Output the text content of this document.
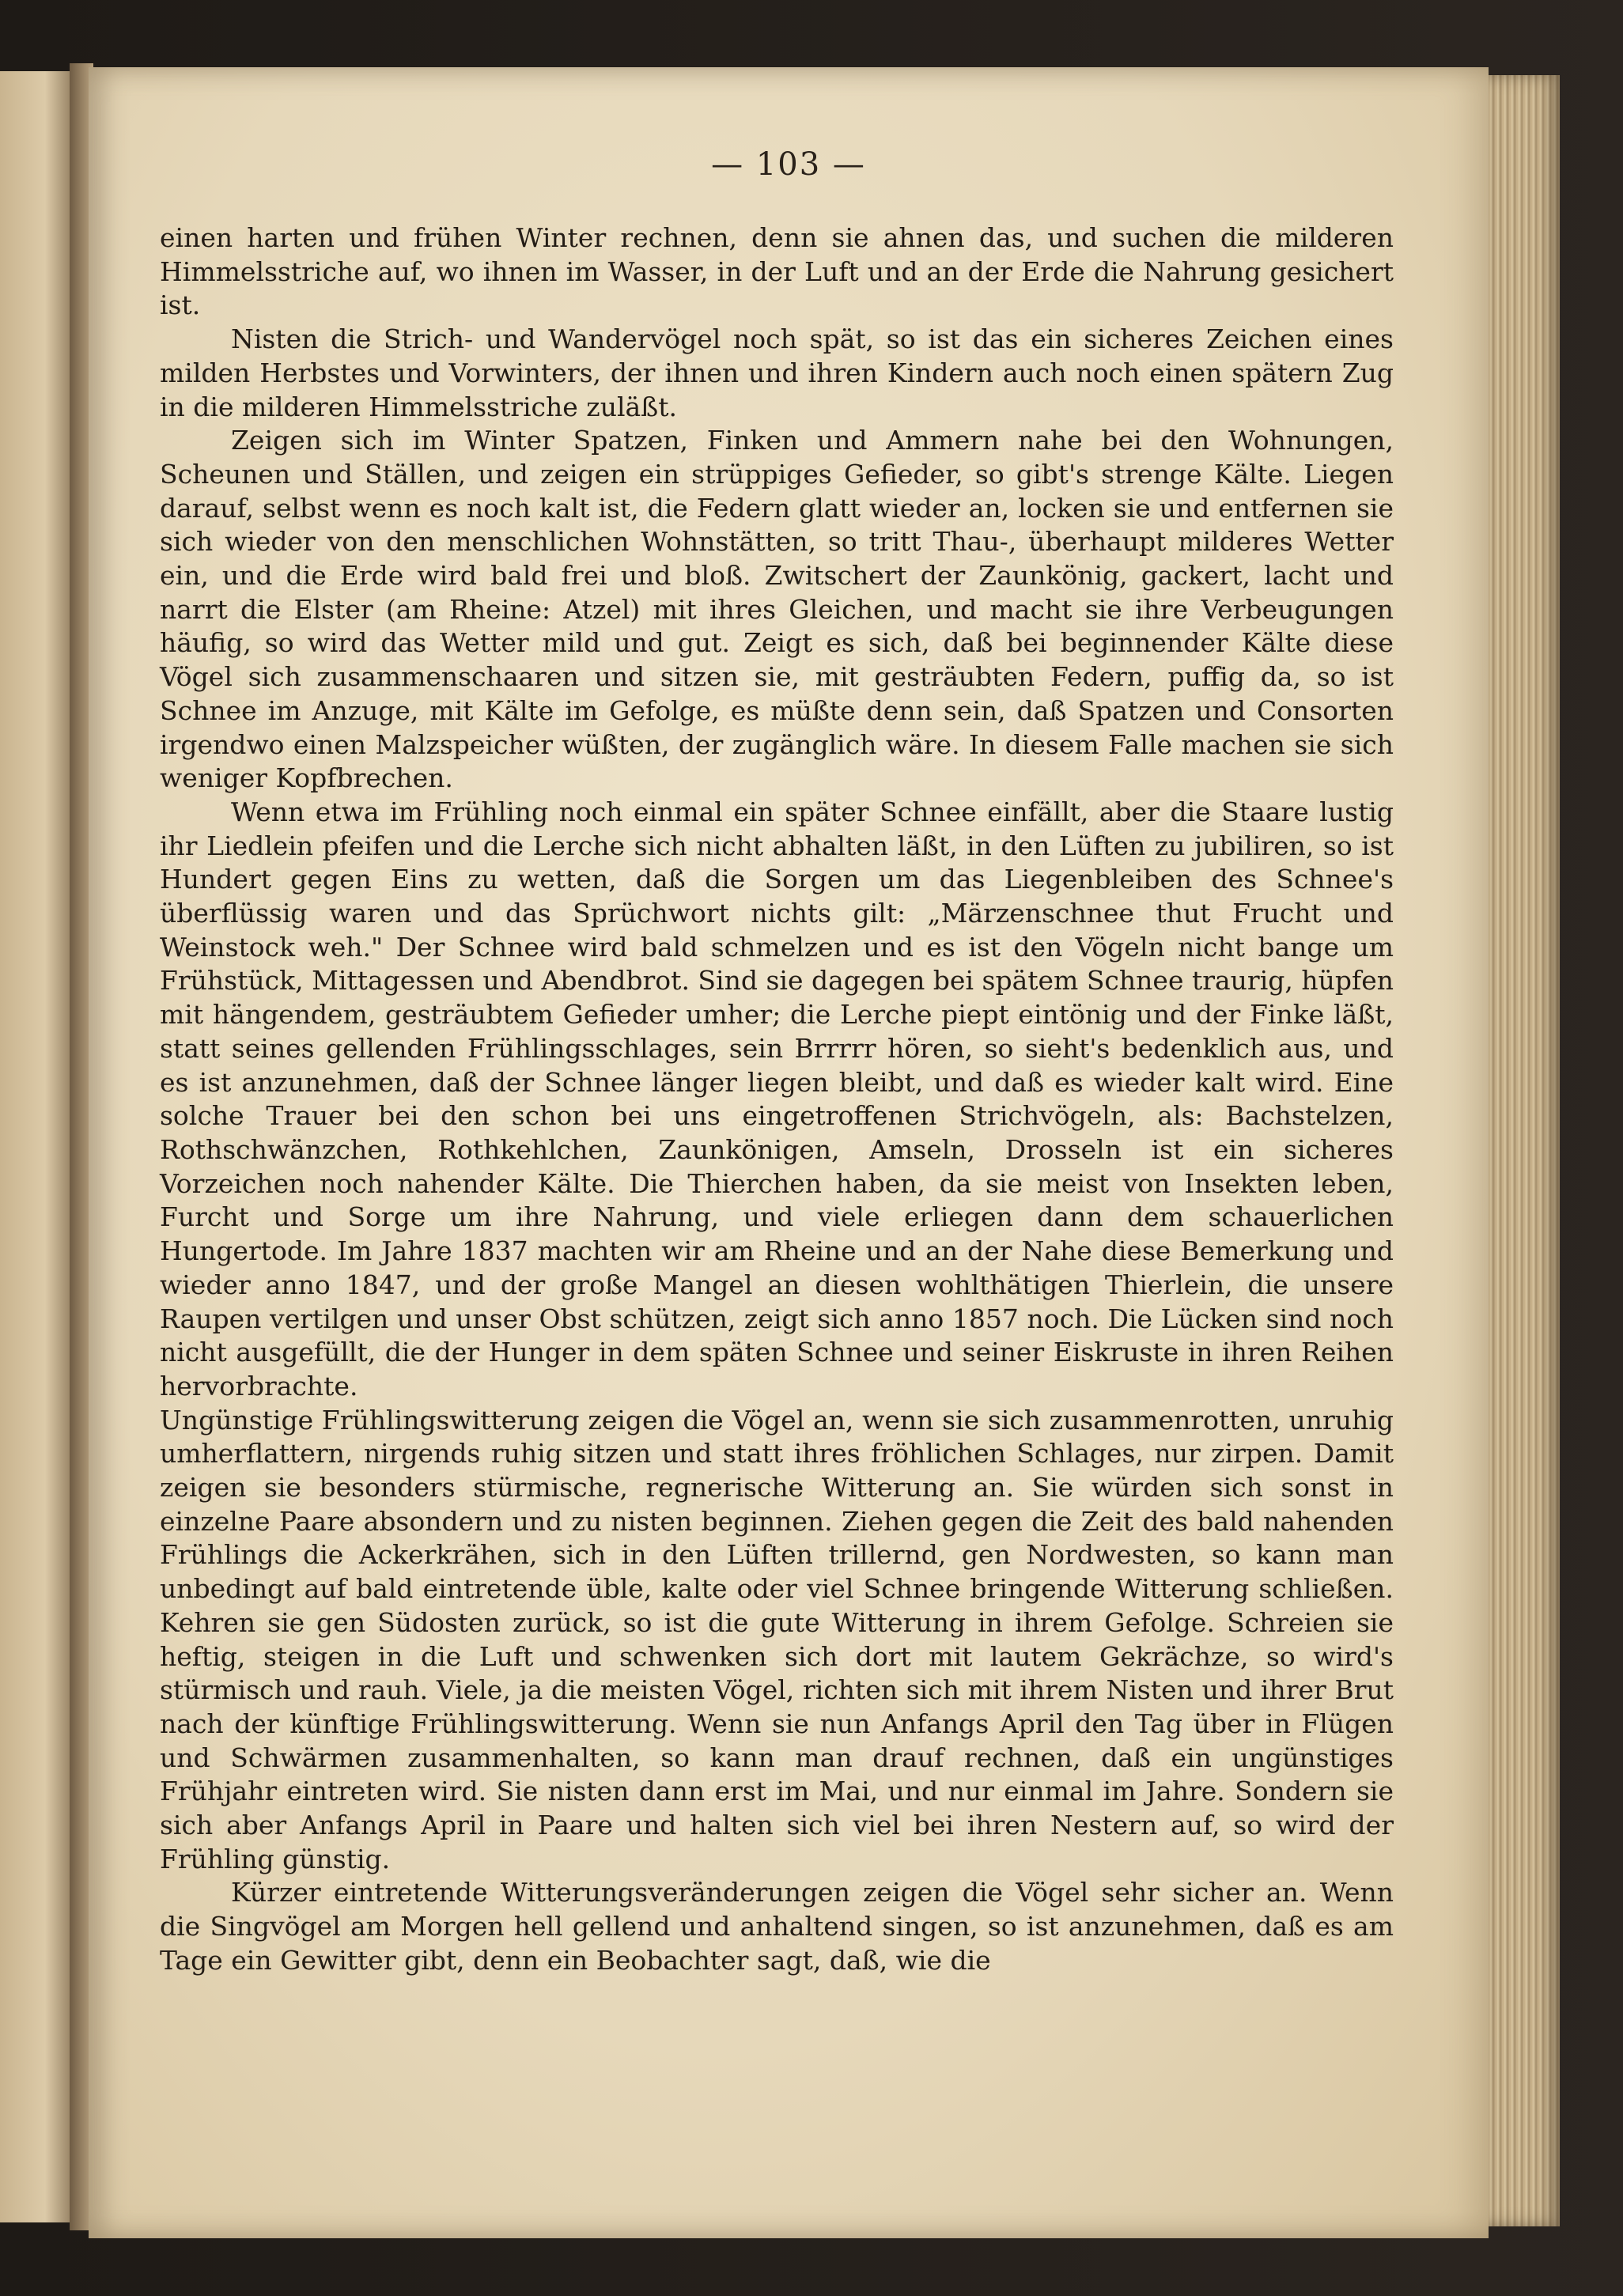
— 103 —

einen harten und frühen Winter rechnen, denn sie ahnen das, und suchen die milderen Himmelsstriche auf, wo ihnen im Wasser, in der Luft und an der Erde die Nahrung gesichert ist.

Nisten die Strich- und Wandervögel noch spät, so ist das ein sicheres Zeichen eines milden Herbstes und Vorwinters, der ihnen und ihren Kindern auch noch einen spätern Zug in die milderen Himmelsstriche zuläßt.

Zeigen sich im Winter Spatzen, Finken und Ammern nahe bei den Wohnungen, Scheunen und Ställen, und zeigen ein strüppiges Gefieder, so gibt's strenge Kälte. Liegen darauf, selbst wenn es noch kalt ist, die Federn glatt wieder an, locken sie und entfernen sie sich wieder von den menschlichen Wohnstätten, so tritt Thau-, überhaupt milderes Wetter ein, und die Erde wird bald frei und bloß. Zwitschert der Zaunkönig, gackert, lacht und narrt die Elster (am Rheine: Atzel) mit ihres Gleichen, und macht sie ihre Verbeugungen häufig, so wird das Wetter mild und gut. Zeigt es sich, daß bei beginnender Kälte diese Vögel sich zusammenschaaren und sitzen sie, mit gesträubten Federn, puffig da, so ist Schnee im Anzuge, mit Kälte im Gefolge, es müßte denn sein, daß Spatzen und Consorten irgendwo einen Malzspeicher wüßten, der zugänglich wäre. In diesem Falle machen sie sich weniger Kopfbrechen.

Wenn etwa im Frühling noch einmal ein später Schnee einfällt, aber die Staare lustig ihr Liedlein pfeifen und die Lerche sich nicht abhalten läßt, in den Lüften zu jubiliren, so ist Hundert gegen Eins zu wetten, daß die Sorgen um das Liegenbleiben des Schnee's überflüssig waren und das Sprüchwort nichts gilt: „Märzenschnee thut Frucht und Weinstock weh." Der Schnee wird bald schmelzen und es ist den Vögeln nicht bange um Frühstück, Mittagessen und Abendbrot. Sind sie dagegen bei spätem Schnee traurig, hüpfen mit hängendem, gesträubtem Gefieder umher; die Lerche piept eintönig und der Finke läßt, statt seines gellenden Frühlingsschlages, sein Brrrrr hören, so sieht's bedenklich aus, und es ist anzunehmen, daß der Schnee länger liegen bleibt, und daß es wieder kalt wird. Eine solche Trauer bei den schon bei uns eingetroffenen Strichvögeln, als: Bachstelzen, Rothschwänzchen, Rothkehlchen, Zaunkönigen, Amseln, Drosseln ist ein sicheres Vorzeichen noch nahender Kälte. Die Thierchen haben, da sie meist von Insekten leben, Furcht und Sorge um ihre Nahrung, und viele erliegen dann dem schauerlichen Hungertode. Im Jahre 1837 machten wir am Rheine und an der Nahe diese Bemerkung und wieder anno 1847, und der große Mangel an diesen wohlthätigen Thierlein, die unsere Raupen vertilgen und unser Obst schützen, zeigt sich anno 1857 noch. Die Lücken sind noch nicht ausgefüllt, die der Hunger in dem späten Schnee und seiner Eiskruste in ihren Reihen hervorbrachte.

Ungünstige Frühlingswitterung zeigen die Vögel an, wenn sie sich zusammenrotten, unruhig umherflattern, nirgends ruhig sitzen und statt ihres fröhlichen Schlages, nur zirpen. Damit zeigen sie besonders stürmische, regnerische Witterung an. Sie würden sich sonst in einzelne Paare absondern und zu nisten beginnen. Ziehen gegen die Zeit des bald nahenden Frühlings die Ackerkrähen, sich in den Lüften trillernd, gen Nordwesten, so kann man unbedingt auf bald eintretende üble, kalte oder viel Schnee bringende Witterung schließen. Kehren sie gen Südosten zurück, so ist die gute Witterung in ihrem Gefolge. Schreien sie heftig, steigen in die Luft und schwenken sich dort mit lautem Gekrächze, so wird's stürmisch und rauh. Viele, ja die meisten Vögel, richten sich mit ihrem Nisten und ihrer Brut nach der künftige Frühlingswitterung. Wenn sie nun Anfangs April den Tag über in Flügen und Schwärmen zusammenhalten, so kann man drauf rechnen, daß ein ungünstiges Frühjahr eintreten wird. Sie nisten dann erst im Mai, und nur einmal im Jahre. Sondern sie sich aber Anfangs April in Paare und halten sich viel bei ihren Nestern auf, so wird der Frühling günstig.

Kürzer eintretende Witterungsveränderungen zeigen die Vögel sehr sicher an. Wenn die Singvögel am Morgen hell gellend und anhaltend singen, so ist anzunehmen, daß es am Tage ein Gewitter gibt, denn ein Beobachter sagt, daß, wie die
